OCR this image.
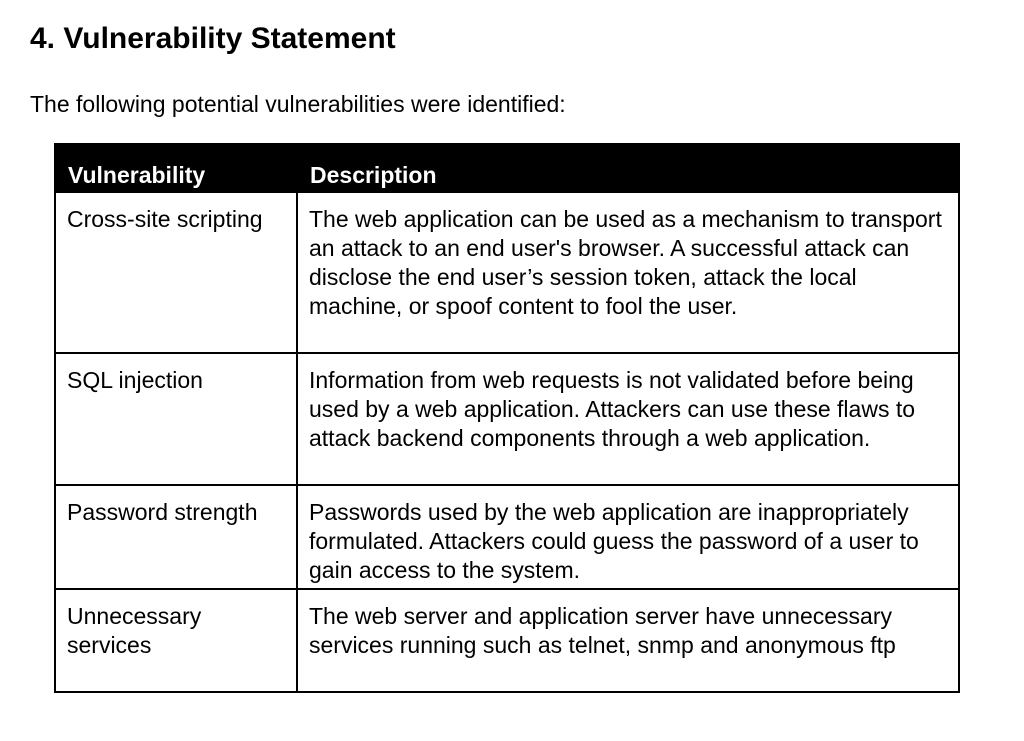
4. Vulnerability Statement

The following potential vulnerabilities were identified:

Vulnerability	Description
Cross-site scripting	The web application can be used as a mechanism to transport an attack to an end user's browser. A successful attack can disclose the end user’s session token, attack the local machine, or spoof content to fool the user.
SQL injection	Information from web requests is not validated before being used by a web application. Attackers can use these flaws to attack backend components through a web application.
Password strength	Passwords used by the web application are inappropriately formulated. Attackers could guess the password of a user to gain access to the system.
Unnecessary services	The web server and application server have unnecessary services running such as telnet, snmp and anonymous ftp
